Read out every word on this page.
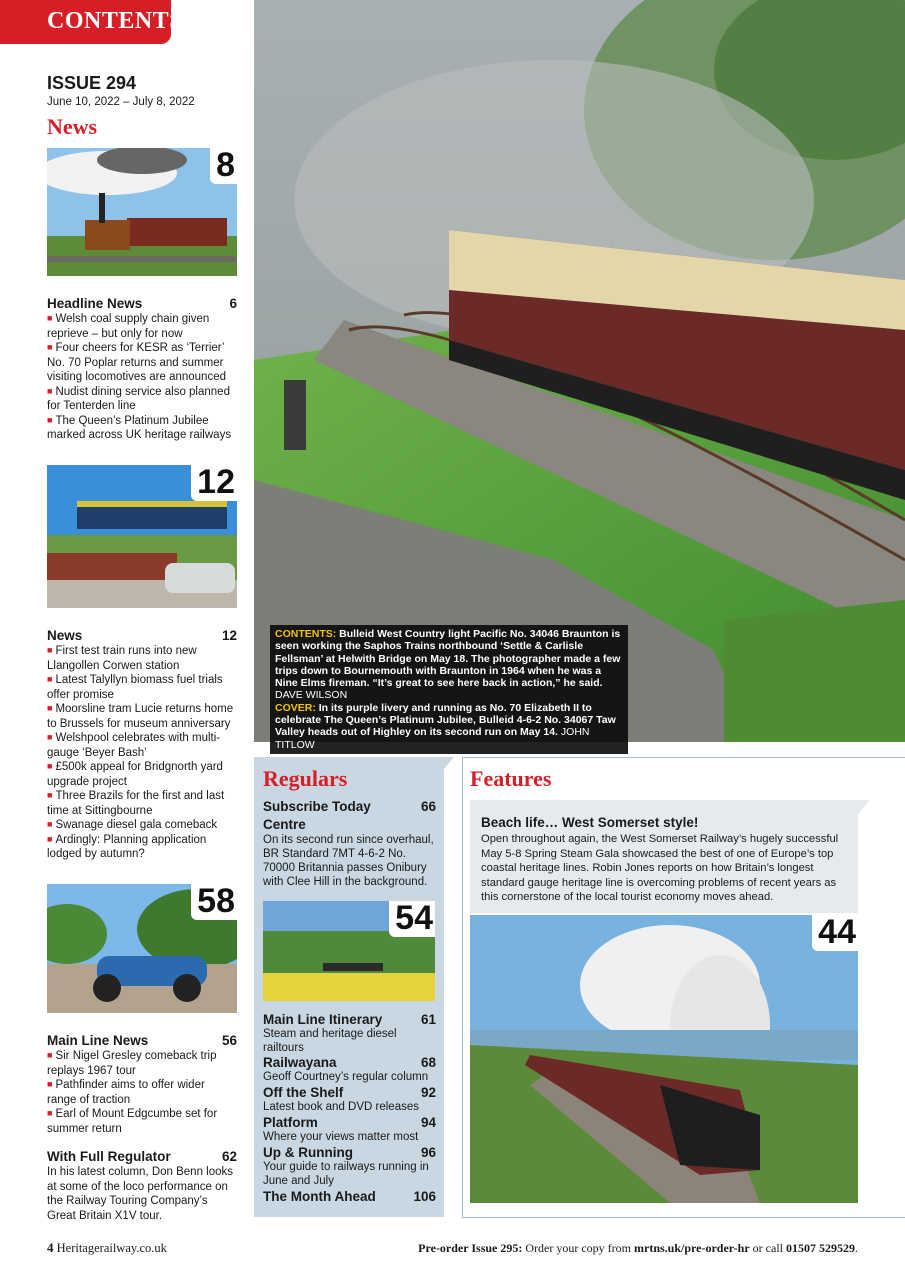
CONTENTS
ISSUE 294
June 10, 2022 – July 8, 2022
News
CONTENTS: Bulleid West Country light Pacific No. 34046 Braunton is seen working the Saphos Trains northbound ‘Settle & Carlisle Fellsman’ at Helwith Bridge on May 18. The photographer made a few trips down to Bournemouth with Braunton in 1964 when he was a Nine Elms fireman. “It’s great to see here back in action,” he said. DAVE WILSON
COVER: In its purple livery and running as No. 70 Elizabeth II to celebrate The Queen’s Platinum Jubilee, Bulleid 4-6-2 No. 34067 Taw Valley heads out of Highley on its second run on May 14. JOHN TITLOW
8
Headline News	6
■ Welsh coal supply chain given reprieve – but only for now
■ Four cheers for KESR as ‘Terrier’ No. 70 Poplar returns and summer visiting locomotives are announced
■ Nudist dining service also planned for Tenterden line
■ The Queen’s Platinum Jubilee marked across UK heritage railways
12
News	12
■ First test train runs into new Llangollen Corwen station
■ Latest Talyllyn biomass fuel trials offer promise
■ Moorsline tram Lucie returns home to Brussels for museum anniversary
■ Welshpool celebrates with multi-gauge ‘Beyer Bash’
■ £500k appeal for Bridgnorth yard upgrade project
■ Three Brazils for the first and last time at Sittingbourne
■ Swanage diesel gala comeback
■ Ardingly: Planning application lodged by autumn?
58
Main Line News	56
■ Sir Nigel Gresley comeback trip replays 1967 tour
■ Pathfinder aims to offer wider range of traction
■ Earl of Mount Edgcumbe set for summer return
With Full Regulator	62
In his latest column, Don Benn looks at some of the loco performance on the Railway Touring Company’s Great Britain X1V tour.
Regulars
Subscribe Today	66
Centre
On its second run since overhaul, BR Standard 7MT 4-6-2 No. 70000 Britannia passes Onibury with Clee Hill in the background.
54
Main Line Itinerary	61
Steam and heritage diesel railtours
Railwayana	68
Geoff Courtney’s regular column
Off the Shelf	92
Latest book and DVD releases
Platform	94
Where your views matter most
Up & Running	96
Your guide to railways running in June and July
The Month Ahead	106
Features
Beach life… West Somerset style!
Open throughout again, the West Somerset Railway’s hugely successful May 5-8 Spring Steam Gala showcased the best of one of Europe’s top coastal heritage lines. Robin Jones reports on how Britain’s longest standard gauge heritage line is overcoming problems of recent years as this cornerstone of the local tourist economy moves ahead.
44
4 Heritagerailway.co.uk	Pre-order Issue 295: Order your copy from mrtns.uk/pre-order-hr or call 01507 529529.
